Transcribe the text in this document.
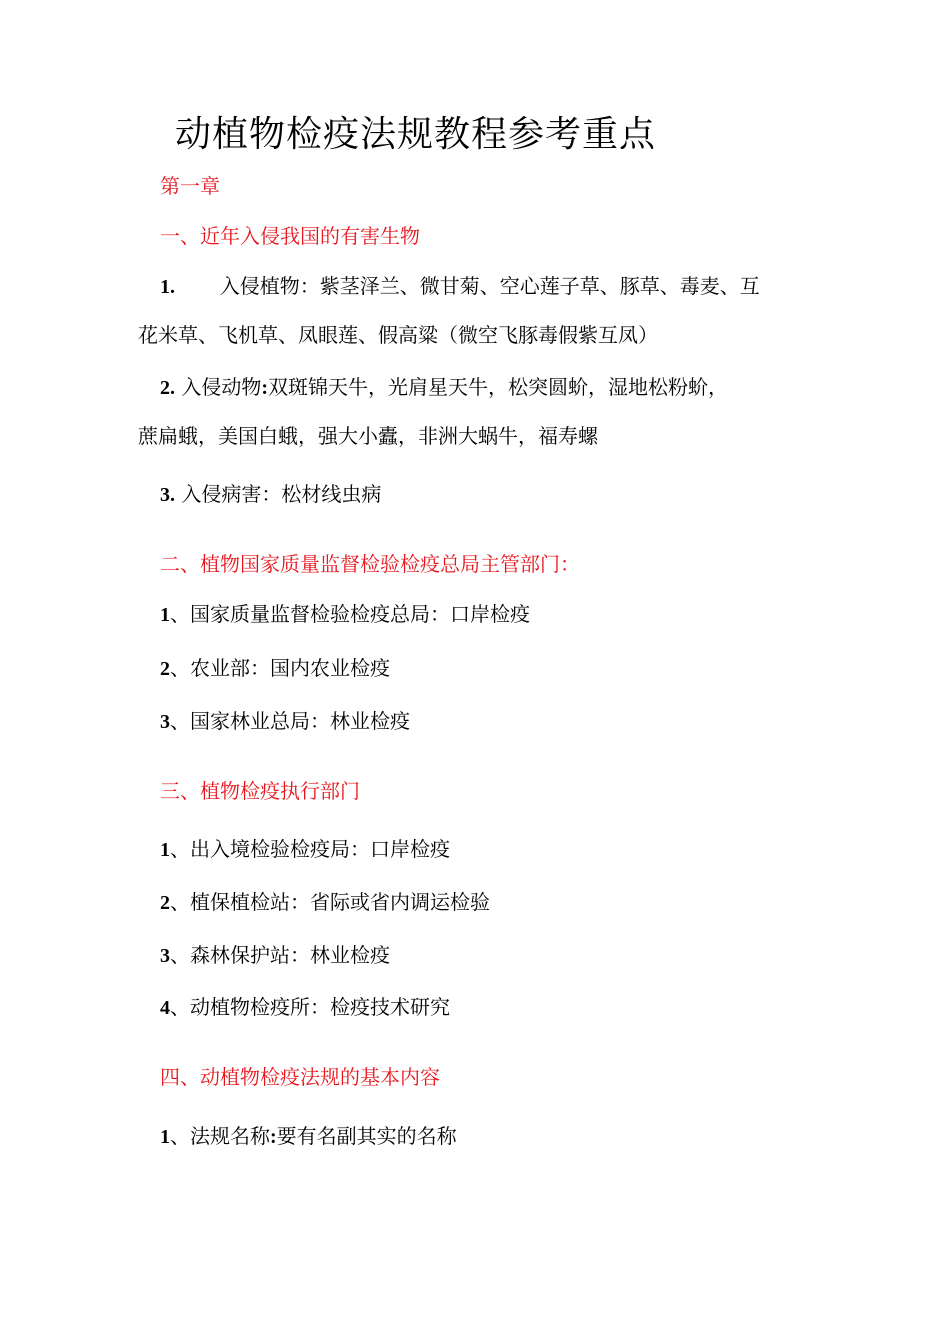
动植物检疫法规教程参考重点
第一章
一、近年入侵我国的有害生物
1. 入侵植物：紫茎泽兰、微甘菊、空心莲子草、豚草、毒麦、互
花米草、飞机草、凤眼莲、假高粱（微空飞豚毒假紫互凤）
2. 入侵动物:双斑锦天牛，光肩星天牛，松突圆蚧，湿地松粉蚧，
蔗扁蛾，美国白蛾，强大小蠹，非洲大蜗牛，福寿螺
3. 入侵病害：松材线虫病
二、植物国家质量监督检验检疫总局主管部门：
1、国家质量监督检验检疫总局：口岸检疫
2、农业部：国内农业检疫
3、国家林业总局：林业检疫
三、植物检疫执行部门
1、出入境检验检疫局：口岸检疫
2、植保植检站：省际或省内调运检验
3、森林保护站：林业检疫
4、动植物检疫所：检疫技术研究
四、动植物检疫法规的基本内容
1、法规名称:要有名副其实的名称
